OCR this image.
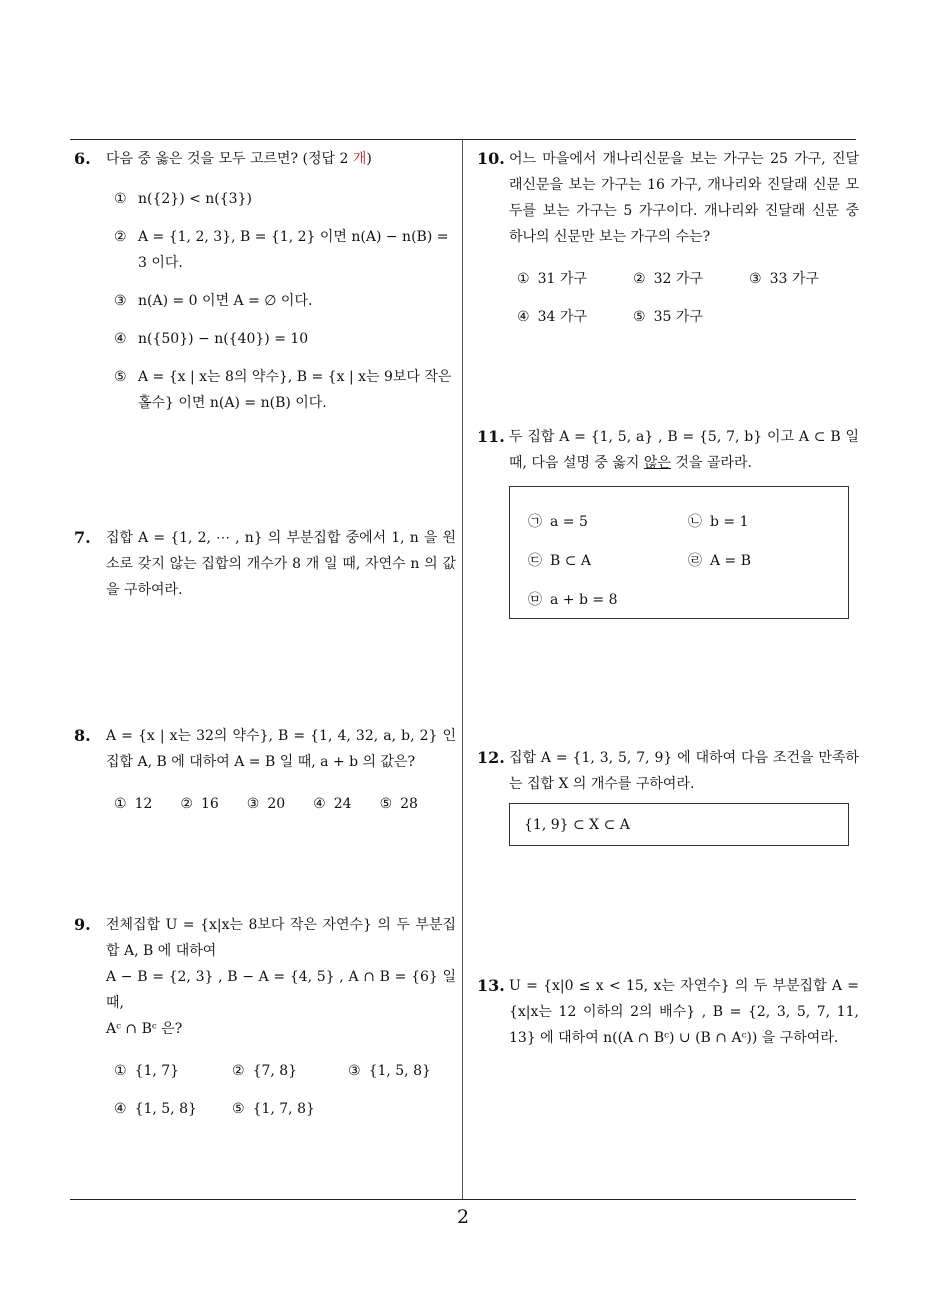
6. 다음 중 옳은 것을 모두 고르면? (정답 2 개)
① n({2}) < n({3})
② A = {1, 2, 3}, B = {1, 2} 이면 n(A) − n(B) = 3 이다.
③ n(A) = 0 이면 A = ∅ 이다.
④ n({50}) − n({40}) = 10
⑤ A = {x | x는 8의 약수}, B = {x | x는 9보다 작은 홀수} 이면 n(A) = n(B) 이다.
7. 집합 A = {1, 2, ⋯ , n} 의 부분집합 중에서 1, n 을 원소로 갖지 않는 집합의 개수가 8 개 일 때, 자연수 n 의 값을 구하여라.
8. A = {x | x는 32의 약수}, B = {1, 4, 32, a, b, 2} 인 집합 A, B 에 대하여 A = B 일 때, a + b 의 값은?
① 12 ② 16 ③ 20 ④ 24 ⑤ 28
9. 전체집합 U = {x|x는 8보다 작은 자연수} 의 두 부분집합 A, B 에 대하여

A − B = {2, 3} , B − A = {4, 5} , A ∩ B = {6} 일 때,

Aᶜ ∩ Bᶜ 은?

① {1, 7}	② {7, 8}	③ {1, 5, 8}
④ {1, 5, 8}	⑤ {1, 7, 8}
10. 어느 마을에서 개나리신문을 보는 가구는 25 가구, 진달래신문을 보는 가구는 16 가구, 개나리와 진달래 신문 모두를 보는 가구는 5 가구이다. 개나리와 진달래 신문 중 하나의 신문만 보는 가구의 수는?
① 31 가구	② 32 가구	③ 33 가구
④ 34 가구	⑤ 35 가구
11. 두 집합 A = {1, 5, a} , B = {5, 7, b} 이고 A ⊂ B 일 때, 다음 설명 중 옳지 않은 것을 골라라.
㉠ a = 5	㉡ b = 1
㉢ B ⊂ A	㉣ A = B
㉤ a + b = 8
12. 집합 A = {1, 3, 5, 7, 9} 에 대하여 다음 조건을 만족하는 집합 X 의 개수를 구하여라.
{1, 9} ⊂ X ⊂ A
13. U = {x|0 ≤ x < 15, x는 자연수} 의 두 부분집합 A = {x|x는 12 이하의 2의 배수} , B = {2, 3, 5, 7, 11, 13} 에 대하여 n((A ∩ Bᶜ) ∪ (B ∩ Aᶜ)) 을 구하여라.
2
